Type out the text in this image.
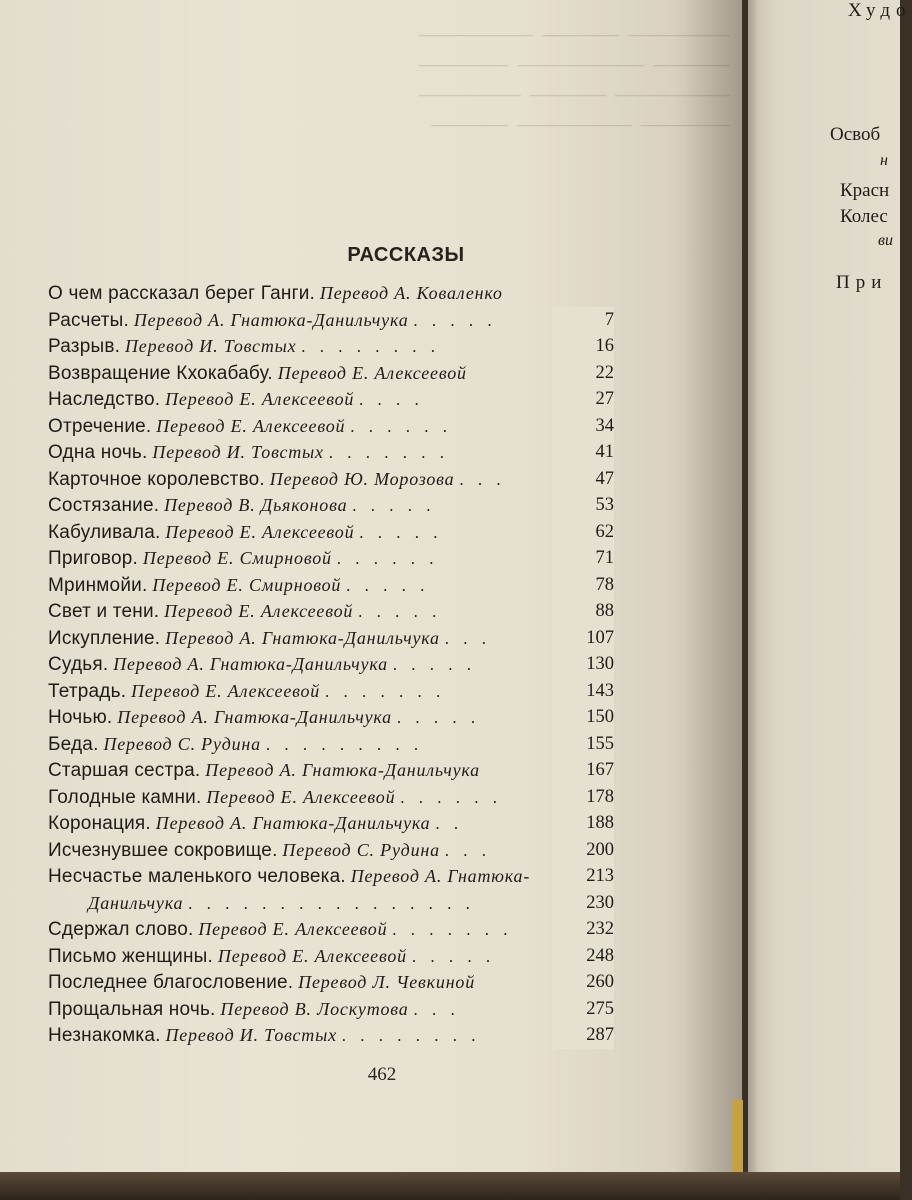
──────  ─────────
──────────  ───────
──────  ────────
─────────  ──────
РАССКАЗЫ
О чем рассказал берег Ганги. Перевод А. Коваленко
Расчеты. Перевод А. Гнатюка-Данильчука . . . . .	7
Разрыв. Перевод И. Товстых . . . . . . . .	16
Возвращение Кхокабабу. Перевод Е. Алексеевой	22
Наследство. Перевод Е. Алексеевой . . . .	27
Отречение. Перевод Е. Алексеевой . . . . . .	34
Одна ночь. Перевод И. Товстых . . . . . . .	41
Карточное королевство. Перевод Ю. Морозова . . .	47
Состязание. Перевод В. Дьяконова . . . . .	53
Кабуливала. Перевод Е. Алексеевой . . . . .	62
Приговор. Перевод Е. Смирновой . . . . . .	71
Мринмойи. Перевод Е. Смирновой . . . . .	78
Свет и тени. Перевод Е. Алексеевой . . . . .	88
Искупление. Перевод А. Гнатюка-Данильчука . . .	107
Судья. Перевод А. Гнатюка-Данильчука . . . . .	130
Тетрадь. Перевод Е. Алексеевой . . . . . . .	143
Ночью. Перевод А. Гнатюка-Данильчука . . . . .	150
Беда. Перевод С. Рудина . . . . . . . . .	155
Старшая сестра. Перевод А. Гнатюка-Данильчука	167
Голодные камни. Перевод Е. Алексеевой . . . . . .	178
Коронация. Перевод А. Гнатюка-Данильчука . .	188
Исчезнувшее сокровище. Перевод С. Рудина . . .	200
Несчастье маленького человека. Перевод А. Гнатюка-	213
Данильчука . . . . . . . . . . . . . . . .	230
Сдержал слово. Перевод Е. Алексеевой . . . . . . .	232
Письмо женщины. Перевод Е. Алексеевой . . . . .	248
Последнее благословение. Перевод Л. Чевкиной	260
Прощальная ночь. Перевод В. Лоскутова . . .	275
Незнакомка. Перевод И. Товстых . . . . . . . .	287
462
Худо
Освоб
н
Красн
Колес
ви
При
